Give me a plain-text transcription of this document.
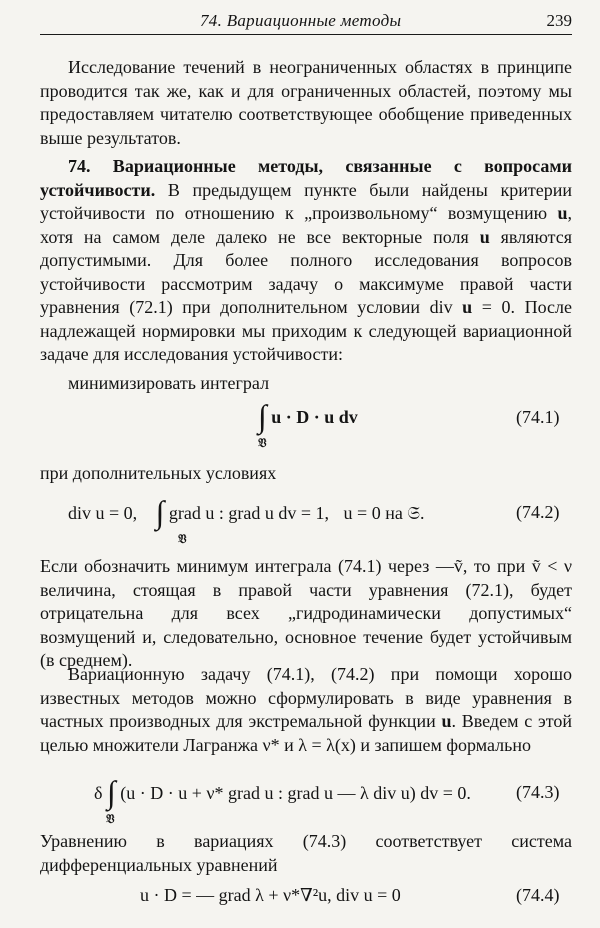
74. Вариационные методы	239

Исследование течений в неограниченных областях в принципе проводится так же, как и для ограниченных областей, поэтому мы предоставляем читателю соответствующее обобщение приведенных выше результатов.

74. Вариационные методы, связанные с вопросами устойчивости. В предыдущем пункте были найдены критерии устойчивости по отношению к „произвольному“ возмущению u, хотя на самом деле далеко не все векторные поля u являются допустимыми. Для более полного исследования вопросов устойчивости рассмотрим задачу о максимуме правой части уравнения (72.1) при дополнительном условии div u = 0. После надлежащей нормировки мы приходим к следующей вариационной задаче для исследования устойчивости:

минимизировать интеграл
∫ u · D · u dv
𝔙
(74.1)
при дополнительных условиях
div u = 0, ∫ grad u : grad u dv = 1, u = 0 на 𝔖.
𝔙
(74.2)

Если обозначить минимум интеграла (74.1) через —ṽ, то при ṽ < ν величина, стоящая в правой части уравнения (72.1), будет отрицательна для всех „гидродинамически допустимых“ возмущений и, следовательно, основное течение будет устойчивым (в среднем).

Вариационную задачу (74.1), (74.2) при помощи хорошо известных методов можно сформулировать в виде уравнения в частных производных для экстремальной функции u. Введем с этой целью множители Лагранжа ν* и λ = λ(x) и запишем формально

δ ∫ (u · D · u + ν* grad u : grad u — λ div u) dv = 0.
𝔙
(74.3)

Уравнению в вариациях (74.3) соответствует система дифференциальных уравнений

u · D = — grad λ + ν*∇²u, div u = 0	(74.4)
